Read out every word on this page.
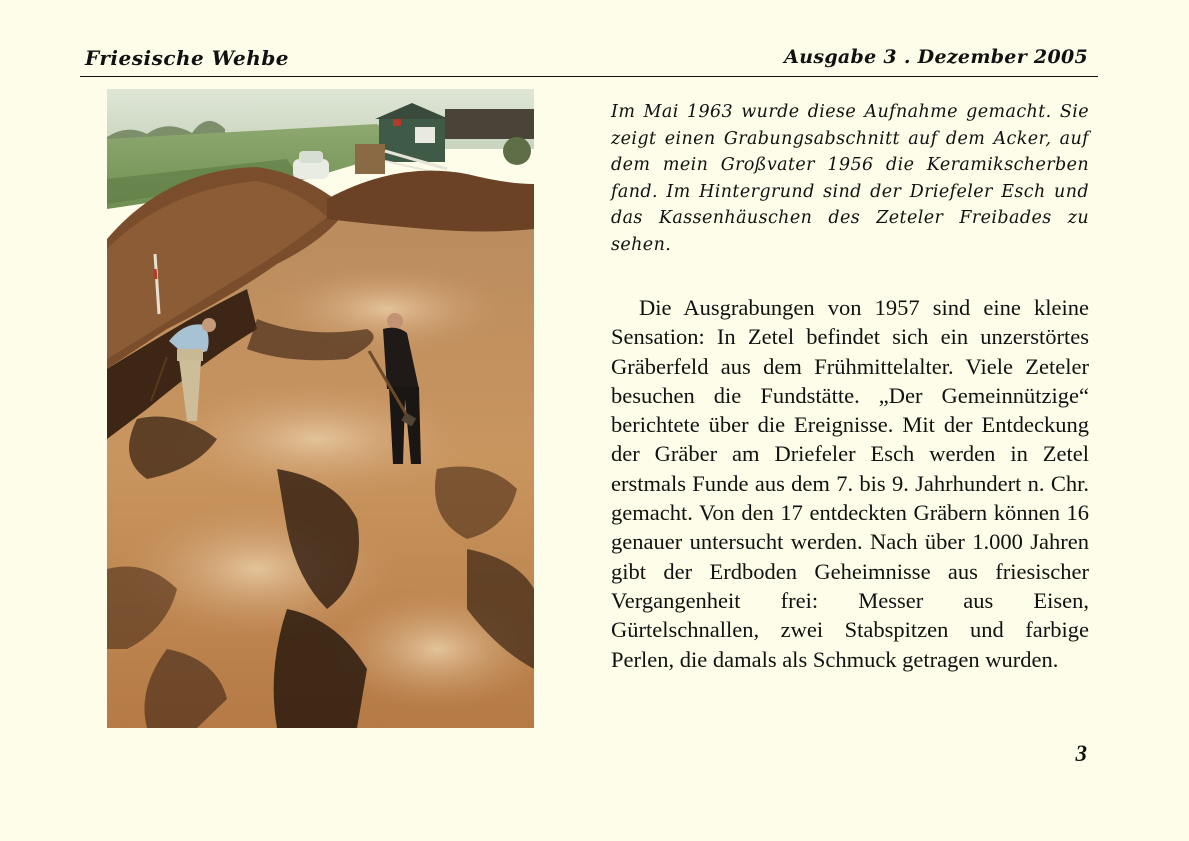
Friesische Wehbe	Ausgabe 3 . Dezember 2005

Im Mai 1963 wurde diese Aufnahme gemacht. Sie zeigt einen Grabungsabschnitt auf dem Acker, auf dem mein Großvater 1956 die Keramikscherben fand. Im Hintergrund sind der Driefeler Esch und das Kassenhäuschen des Zeteler Freibades zu sehen.

Die Ausgrabungen von 1957 sind eine kleine Sensation: In Zetel befindet sich ein unzerstörtes Gräberfeld aus dem Frühmittelalter. Viele Zeteler besuchen die Fundstätte. „Der Gemeinnützige“ berichtete über die Ereignisse. Mit der Entdeckung der Gräber am Driefeler Esch werden in Zetel erstmals Funde aus dem 7. bis 9. Jahrhundert n. Chr. gemacht. Von den 17 entdeckten Gräbern können 16 genauer untersucht werden. Nach über 1.000 Jahren gibt der Erdboden Geheimnisse aus friesischer Vergangenheit frei: Messer aus Eisen, Gürtelschnallen, zwei Stabspitzen und farbige Perlen, die damals als Schmuck getragen wurden.

3
